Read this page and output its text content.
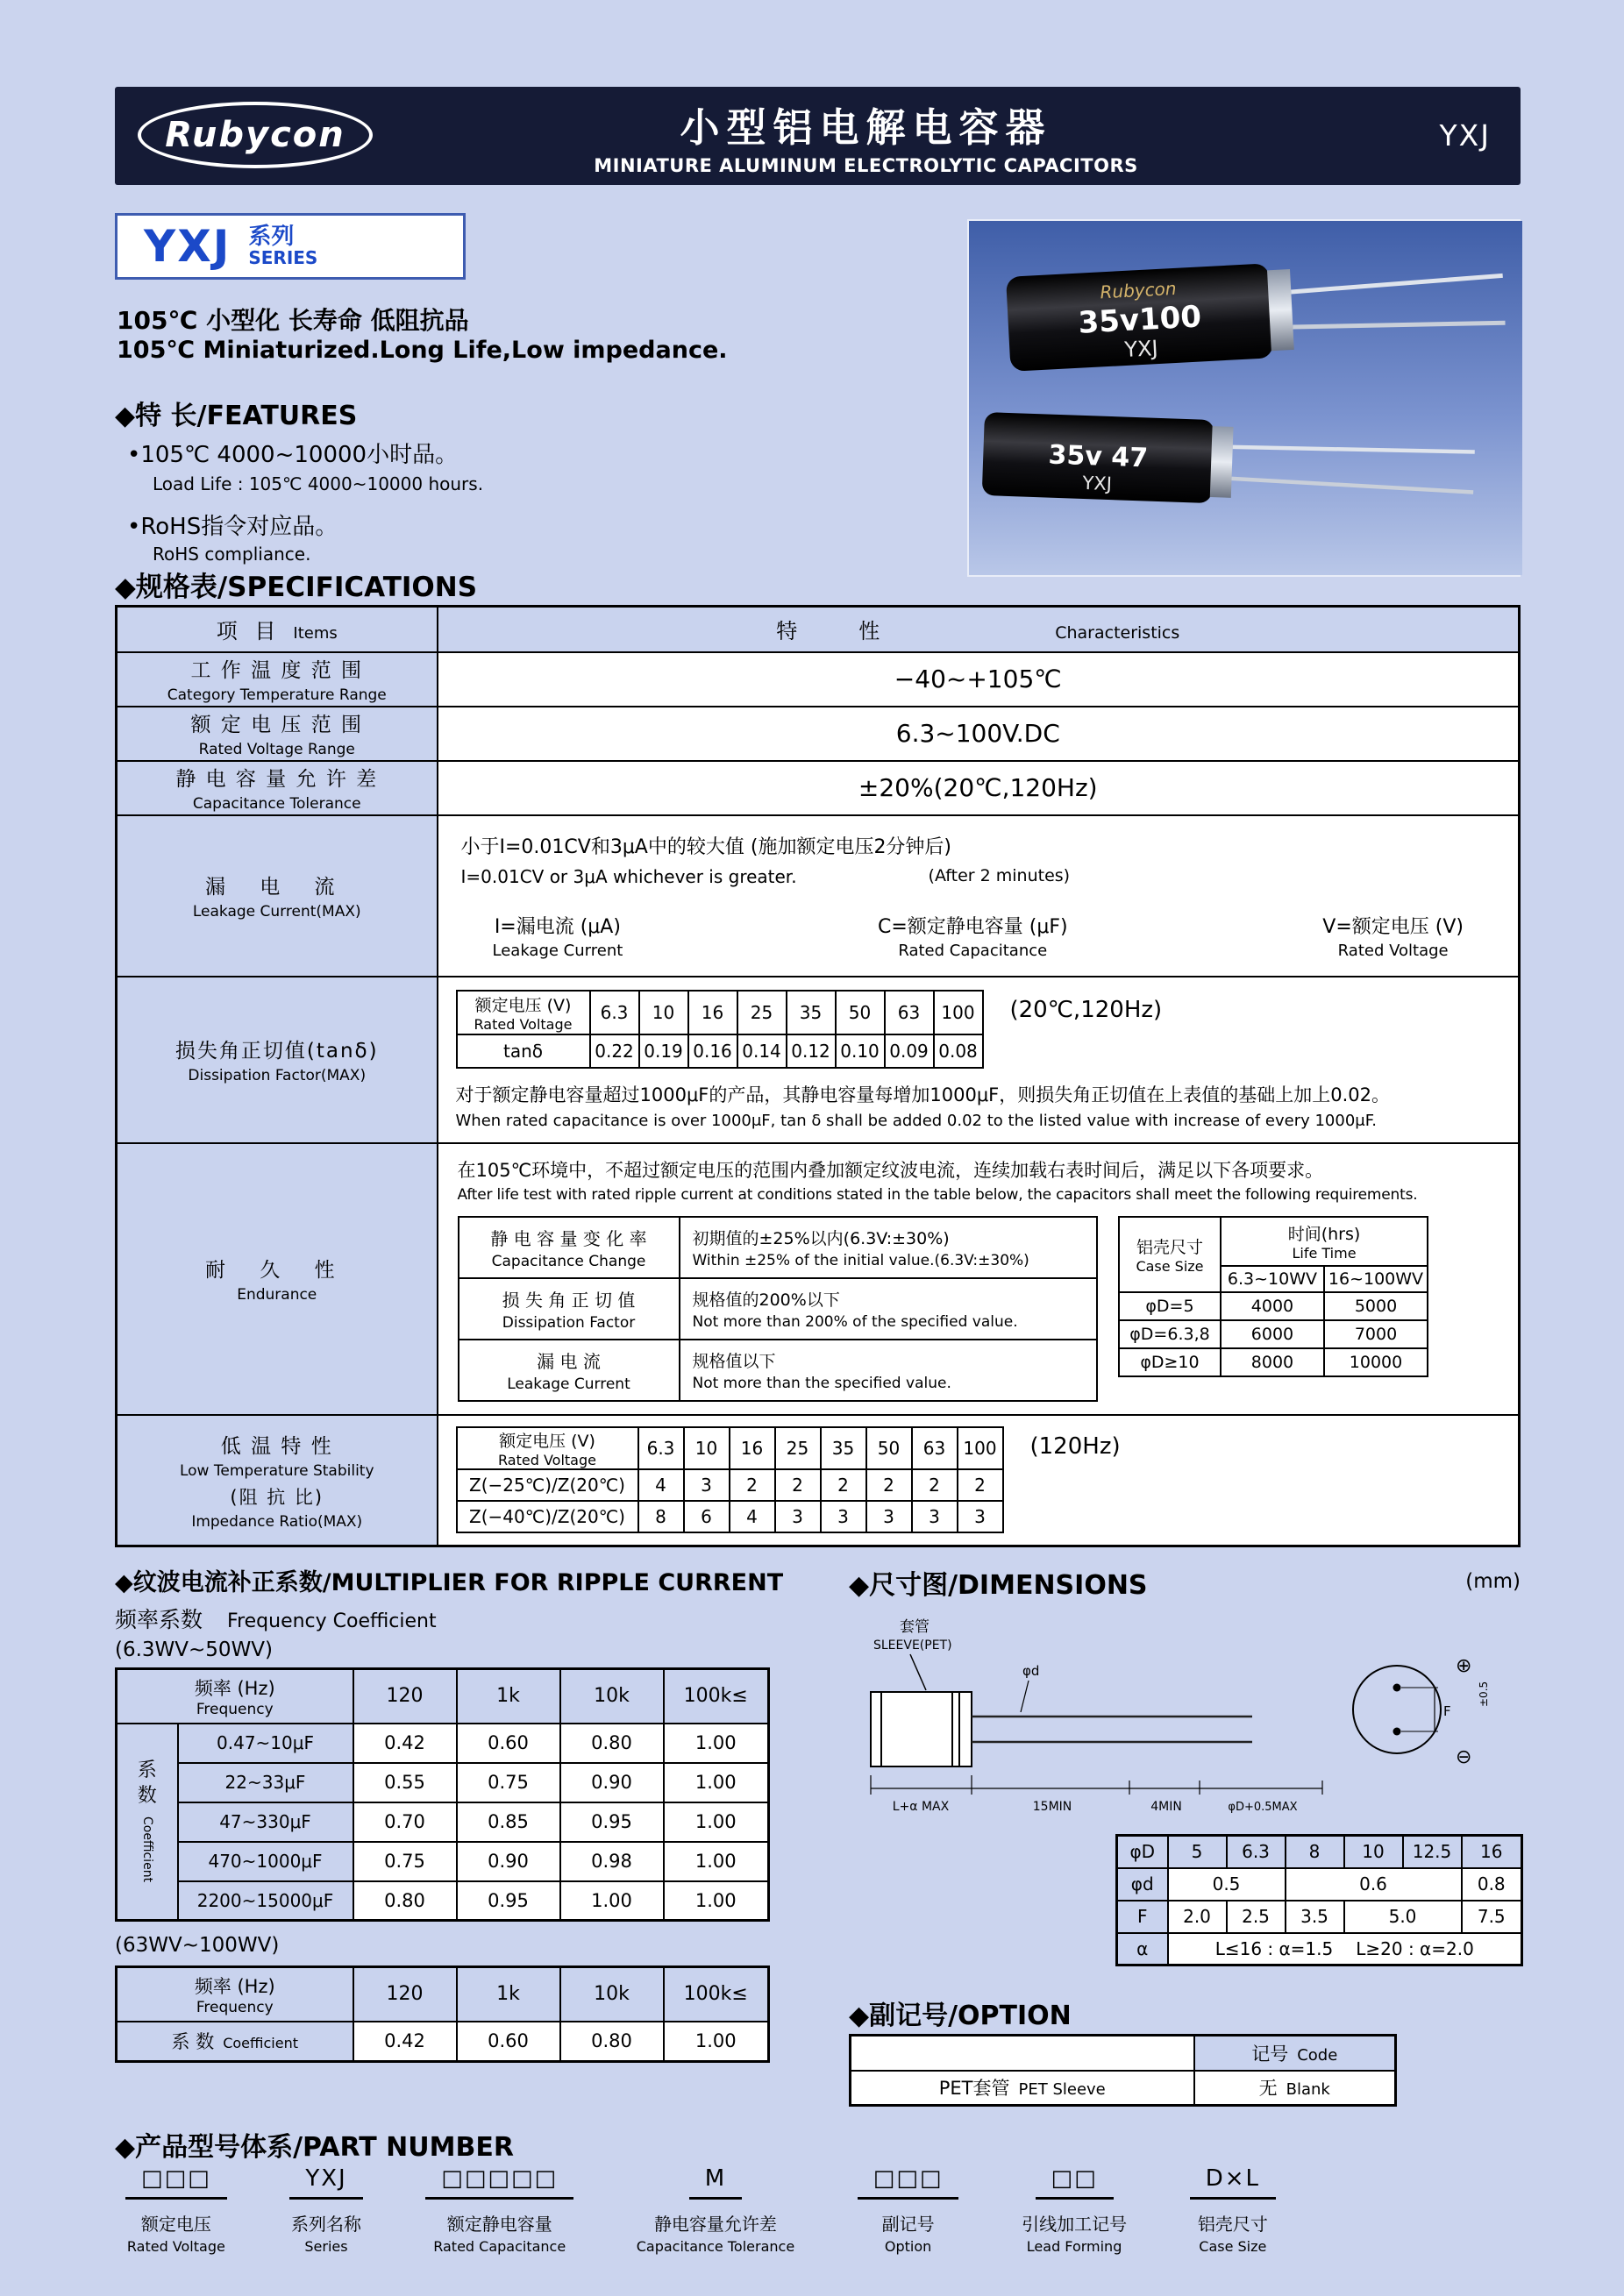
Rubycon	小型铝电解电容器
MINIATURE ALUMINUM ELECTROLYTIC CAPACITORS
YXJ
YXJ 系列
SERIES
105℃ 小型化 长寿命 低阻抗品
105℃ Miniaturized.Long Life,Low impedance.
◆特 长/FEATURES
•105℃ 4000~10000小时品。
Load Life : 105℃ 4000~10000 hours.
•RoHS指令对应品。
RoHS compliance.
Rubycon
35v100
YXJ
35v 47
YXJ
◆规格表/SPECIFICATIONS
项 目 Items	特	性	Characteristics

工 作 温 度 范 围
Category Temperature Range
	−40~+105℃

额 定 电 压 范 围
Rated Voltage Range
	6.3~100V.DC

静 电 容 量 允 许 差
Capacitance Tolerance
	±20%(20℃,120Hz)

漏 电 流
Leakage Current(MAX)

小于I=0.01CV和3μA中的较大值 (施加额定电压2分钟后)
I=0.01CV or 3μA whichever is greater.	(After 2 minutes)
I=漏电流 (μA)
Leakage Current
C=额定静电容量 (μF)
Rated Capacitance
V=额定电压 (V)
Rated Voltage

损失角正切值(tanδ)
Dissipation Factor(MAX)

额定电压 (V)
Rated Voltage
	6.3	10	16	25	35	50	63	100
tanδ	0.22	0.19	0.16	0.14	0.12	0.10	0.09	0.08
(20℃,120Hz)
对于额定静电容量超过1000μF的产品，其静电容量每增加1000μF，则损失角正切值在上表值的基础上加上0.02。
When rated capacitance is over 1000μF, tan δ shall be added 0.02 to the listed value with increase of every 1000μF.

耐 久 性
Endurance

在105℃环境中，不超过额定电压的范围内叠加额定纹波电流，连续加载右表时间后，满足以下各项要求。
After life test with rated ripple current at conditions stated in the table below, the capacitors shall meet the following requirements.
静 电 容 量 变 化 率
Capacitance Change

初期值的±25%以内(6.3V:±30%)
Within ±25% of the initial value.(6.3V:±30%)

损 失 角 正 切 值
Dissipation Factor

规格值的200%以下
Not more than 200% of the specified value.

漏 电 流
Leakage Current

规格值以下
Not more than the specified value.
铝壳尺寸
Case Size

时间(hrs)
Life Time

6.3~10WV	16~100WV
φD=5	4000	5000
φD=6.3,8	6000	7000
φD≥10	8000	10000

低 温 特 性
Low Temperature Stability
(阻 抗 比)
Impedance Ratio(MAX)

额定电压 (V)
Rated Voltage
	6.3	10	16	25	35	50	63	100
Z(−25℃)/Z(20℃)	4	3	2	2	2	2	2	2
Z(−40℃)/Z(20℃)	8	6	4	3	3	3	3	3
(120Hz)
◆纹波电流补正系数/MULTIPLIER FOR RIPPLE CURRENT
频率系数 Frequency Coefficient
(6.3WV~50WV)
频率 (Hz)
Frequency		120	1k	10k	100k≤

系
数
Coefficient	0.47~10μF	0.42	0.60	0.80	1.00
	22~33μF	0.55	0.75	0.90	1.00
	47~330μF	0.70	0.85	0.95	1.00
	470~1000μF	0.75	0.90	0.98	1.00
	2200~15000μF	0.80	0.95	1.00	1.00
(63WV~100WV)
频率 (Hz)
Frequency	120	1k	10k	100k≤
系 数 Coefficient	0.42	0.60	0.80	1.00
◆尺寸图/DIMENSIONS	(mm)
套管
SLEEVE(PET)
φd
L+α MAX	15MIN	4MIN	φD+0.5MAX
F
±0.5
⊕
⊖
φD	5	6.3	8	10	12.5	16
φd	0.5		0.6			0.8
F	2.0	2.5	3.5	5.0		7.5
α	L≤16 : α=1.5 L≥20 : α=2.0					
◆副记号/OPTION
	记号 Code
PET套管 PET Sleeve	无 Blank
◆产品型号体系/PART NUMBER
□□□
额定电压
Rated Voltage
YXJ
系列名称
Series
□□□□□
额定静电容量
Rated Capacitance
M
静电容量允许差
Capacitance Tolerance
□□□
副记号
Option
□□
引线加工记号
Lead Forming
D×L
铝壳尺寸
Case Size
